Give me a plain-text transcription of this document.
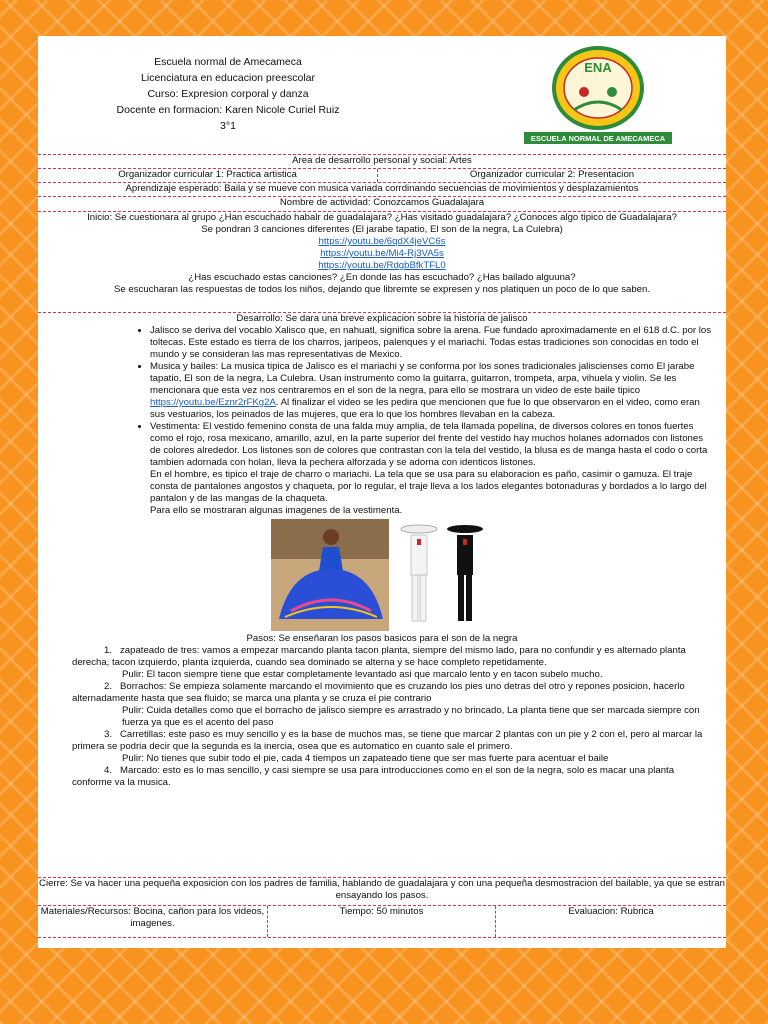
Escuela normal de Amecameca
Licenciatura en educacion preescolar
Curso: Expresion corporal y danza
Docente en formacion: Karen Nicole Curiel Ruiz
3°1
ENA
ESCUELA NORMAL DE AMECAMECA
Area de desarrollo personal y social: Artes
Organizador curricular 1: Practica artistica	Organizador curricular 2: Presentacion
Aprendizaje esperado: Baila y se mueve con musica variada corrdinando secuencias de movimientos y desplazamientos
Nombre de actividad: Conozcamos Guadalajara
Inicio: Se cuestionara al grupo ¿Han escuchado habalr de guadalajara? ¿Has visitado guadalajara? ¿Conoces algo tipico de Guadalajara?
Se pondran 3 canciones diferentes (El jarabe tapatio, El son de la negra, La Culebra)
https://youtu.be/6qdX4jeVC6s
https://youtu.be/Mi4-Rj3VA5s
https://youtu.be/RdgbBfkTFL0
¿Has escuchado estas canciones? ¿En donde las has escuchado? ¿Has bailado alguuna?
Se escucharan las respuestas de todos los niños, dejando que libremte se expresen y nos platiquen un poco de lo que saben.
Desarrollo: Se dara una breve explicacion sobre la historia de jalisco
• Jalisco se deriva del vocablo Xalisco que, en nahuatl, significa sobre la arena. Fue fundado aproximadamente en el 618 d.C. por los toltecas. Este estado es tierra de los charros, jaripeos, palenques y el mariachi. Todas estas tradiciones son conocidas en todo el mundo y se consideran las mas representativas de Mexico.
• Musica y bailes: La musica tipica de Jalisco es el mariachi y se conforma por los sones tradicionales jaliscienses como El jarabe tapatio, El son de la negra, La Culebra. Usan instrumento como la guitarra, guitarron, trompeta, arpa, vihuela y violin. Se les mencionara que esta vez nos centraremos en el son de la negra, para ello se mostrara un video de este baile tipico https://youtu.be/Eznr2rFKg2A. Al finalizar el video se les pedira que mencionen que fue lo que observaron en el video, como eran sus vestuarios, los peinados de las mujeres, que era lo que los hombres llevaban en la cabeza.
• Vestimenta: El vestido femenino consta de una falda muy amplia, de tela llamada popelina, de diversos colores en tonos fuertes como el rojo, rosa mexicano, amarillo, azul, en la parte superior del frente del vestido hay muchos holanes adornados con listones de colores alrededor. Los listones son de colores que contrastan con la tela del vestido, la blusa es de manga hasta el codo o corta tambien adornada con holan, lleva la pechera alforzada y se adorna con identicos listones.
En el hombre, es tipico el traje de charro o mariachi. La tela que se usa para su elaboracion es paño, casimir o gamuza. El traje consta de pantalones angostos y chaqueta, por lo regular, el traje lleva a los lados elegantes botonaduras y bordados a lo largo del pantalon y de las mangas de la chaqueta.
Para ello se mostraran algunas imagenes de la vestimenta.
Pasos: Se enseñaran los pasos basicos para el son de la negra
1. zapateado de tres: vamos a empezar marcando planta tacon planta, siempre del mismo lado, para no confundir y es alternado planta derecha, tacon izquierdo, planta izquierda, cuando sea dominado se alterna y se hace completo repetidamente.
Pulir: El tacon siempre tiene que estar completamente levantado asi que marcalo lento y en tacon subelo mucho.
2. Borrachos: Se empieza solamente marcando el movimiento que es cruzando los pies uno detras del otro y repones posicion, hacerlo alternadamente hasta que sea fluido; se marca una planta y se cruza el pie contrario
Pulir: Cuida detalles como que el borracho de jalisco siempre es arrastrado y no brincado, La planta tiene que ser marcada siempre con fuerza ya que es el acento del paso
3. Carretillas: este paso es muy sencillo y es la base de muchos mas, se tiene que marcar 2 plantas con un pie y 2 con el, pero al marcar la primera se podria decir que la segunda es la inercia, osea que es automatico en cuanto sale el primero.
Pulir: No tienes que subir todo el pie, cada 4 tiempos un zapateado tiene que ser mas fuerte para acentuar el baile
4. Marcado: esto es lo mas sencillo, y casi siempre se usa para introducciones como en el son de la negra, solo es macar una planta conforme va la musica.
Cierre: Se va hacer una pequeña exposicion con los padres de familia, hablando de guadalajara y con una pequeña desmostracion del bailable, ya que se estran ensayando los pasos.
Materiales/Recursos: Bocina, cañon para los videos, imagenes.
Tiempo: 50 minutos	Evaluacion: Rubrica
